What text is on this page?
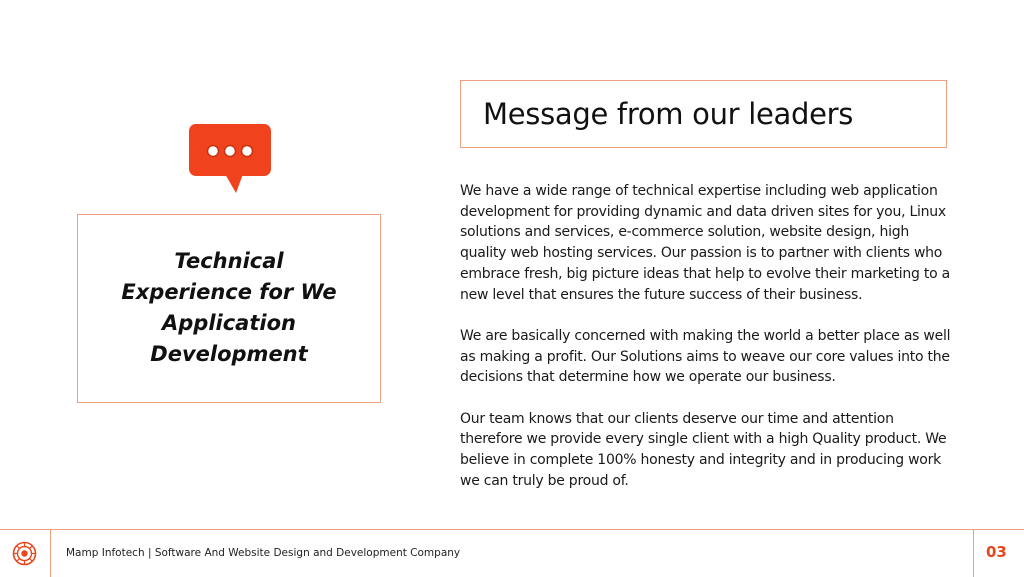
Technical Experience for We Application Development
Message from our leaders

We have a wide range of technical expertise including web application development for providing dynamic and data driven sites for you, Linux solutions and services, e-commerce solution, website design, high quality web hosting services. Our passion is to partner with clients who embrace fresh, big picture ideas that help to evolve their marketing to a new level that ensures the future success of their business.

We are basically concerned with making the world a better place as well as making a profit. Our Solutions aims to weave our core values into the decisions that determine how we operate our business.

Our team knows that our clients deserve our time and attention therefore we provide every single client with a high Quality product. We believe in complete 100% honesty and integrity and in producing work we can truly be proud of.

Mamp Infotech | Software And Website Design and Development Company	03
